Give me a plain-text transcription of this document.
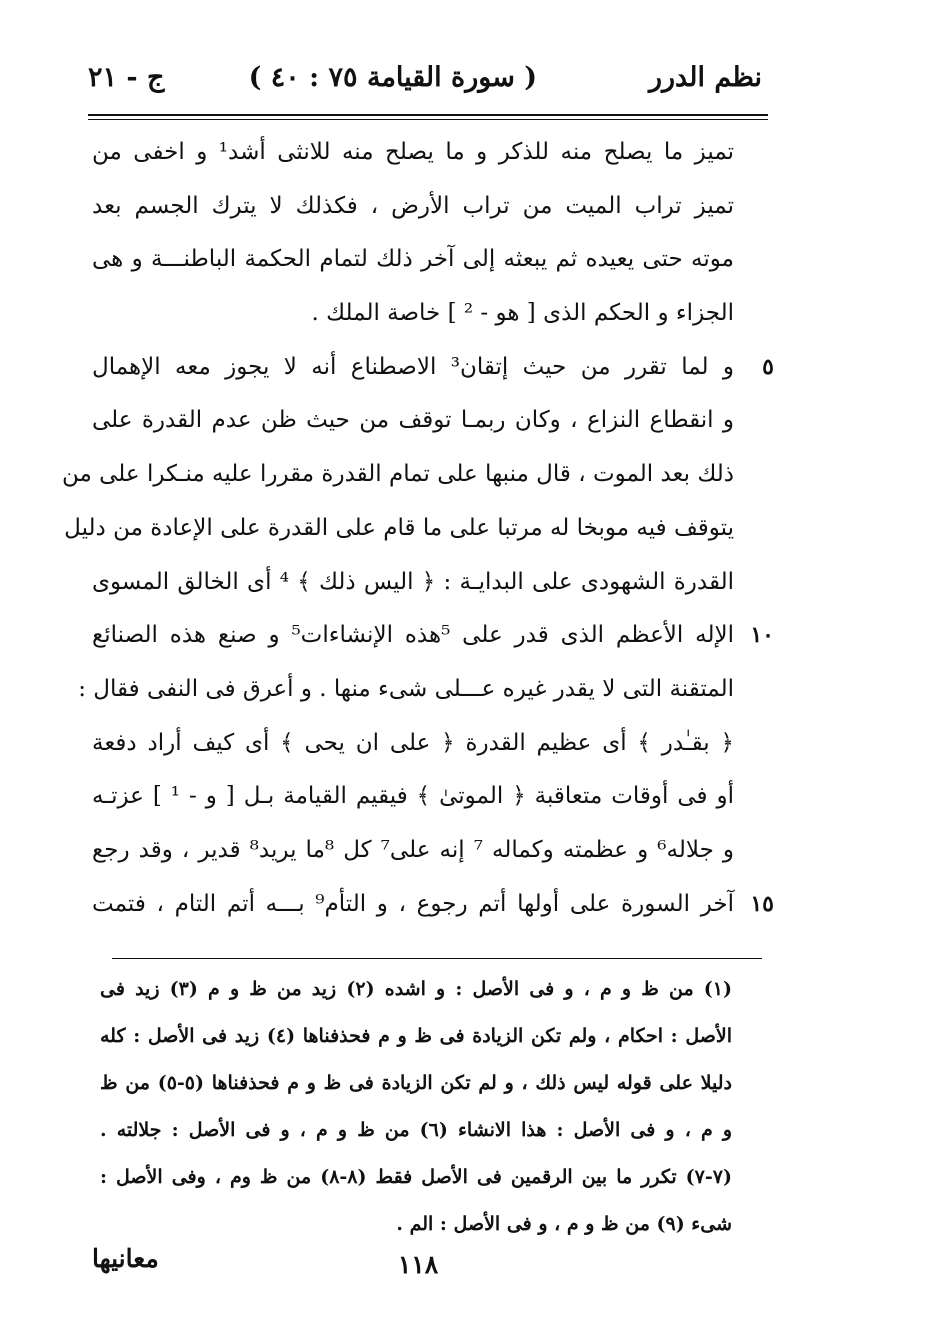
نظم الدرر
( سورة القيامة ٧٥ : ٤٠ )
ج - ٢١
تميز ما يصلح منه للذكر و ما يصلح منه للانثى أشد¹ و اخفى من
تميز تراب الميت من تراب الأرض ، فكذلك لا يترك الجسم بعد
موته حتى يعيده ثم يبعثه إلى آخر ذلك لتمام الحكمة الباطنـــة و هى
الجزاء و الحكم الذى [ هو - ² ] خاصة الملك .
و لما تقرر من حيث إتقان³ الاصطناع أنه لا يجوز معه الإهمال	٥
و انقطاع النزاع ، وكان ربمـا توقف من حيث ظن عدم القدرة على
ذلك بعد الموت ، قال منبها على تمام القدرة مقررا عليه منـكرا على من
يتوقف فيه موبخا له مرتبا على ما قام على القدرة على الإعادة من دليل
القدرة الشهودى على البدايـة : ﴿ اليس ذلك ﴾ ⁴ أى الخالق المسوى
الإله الأعظم الذى قدر على ⁵هذه الإنشاءات⁵ و صنع هذه الصنائع ١٠
المتقنة التى لا يقدر غيره عـــلى شىء منها . و أعرق فى النفى فقال :
﴿ بقـٰدر ﴾ أى عظيم القدرة ﴿ على ان يحى ﴾ أى كيف أراد دفعة
أو فى أوقات متعاقبة ﴿ الموتىٰ ﴾ فيقيم القيامة بـل [ و - ¹ ] عزتـه
و جلاله⁶ و عظمته وكماله ⁷ إنه على⁷ كل ⁸ما يريد⁸ قدير ، وقد رجع
آخر السورة على أولها أتم رجوع ، و التأم⁹ بـــه أتم التام ، فتمت ١٥
(١) من ظ و م ، و فى الأصل : و اشده (٢) زيد من ظ و م (٣) زيد فى
الأصل : احكام ، ولم تكن الزيادة فى ظ و م فحذفناها (٤) زيد فى الأصل : كله
دليلا على قوله ليس ذلك ، و لم تكن الزيادة فى ظ و م فحذفناها (٥-٥) من ظ
و م ، و فى الأصل : هذا الانشاء (٦) من ظ و م ، و فى الأصل : جلالته .
(٧-٧) تكرر ما بين الرقمين فى الأصل فقط (٨-٨) من ظ وم ، وفى الأصل :
شىء (٩) من ظ و م ، و فى الأصل : الم .
١١٨
معانيها
